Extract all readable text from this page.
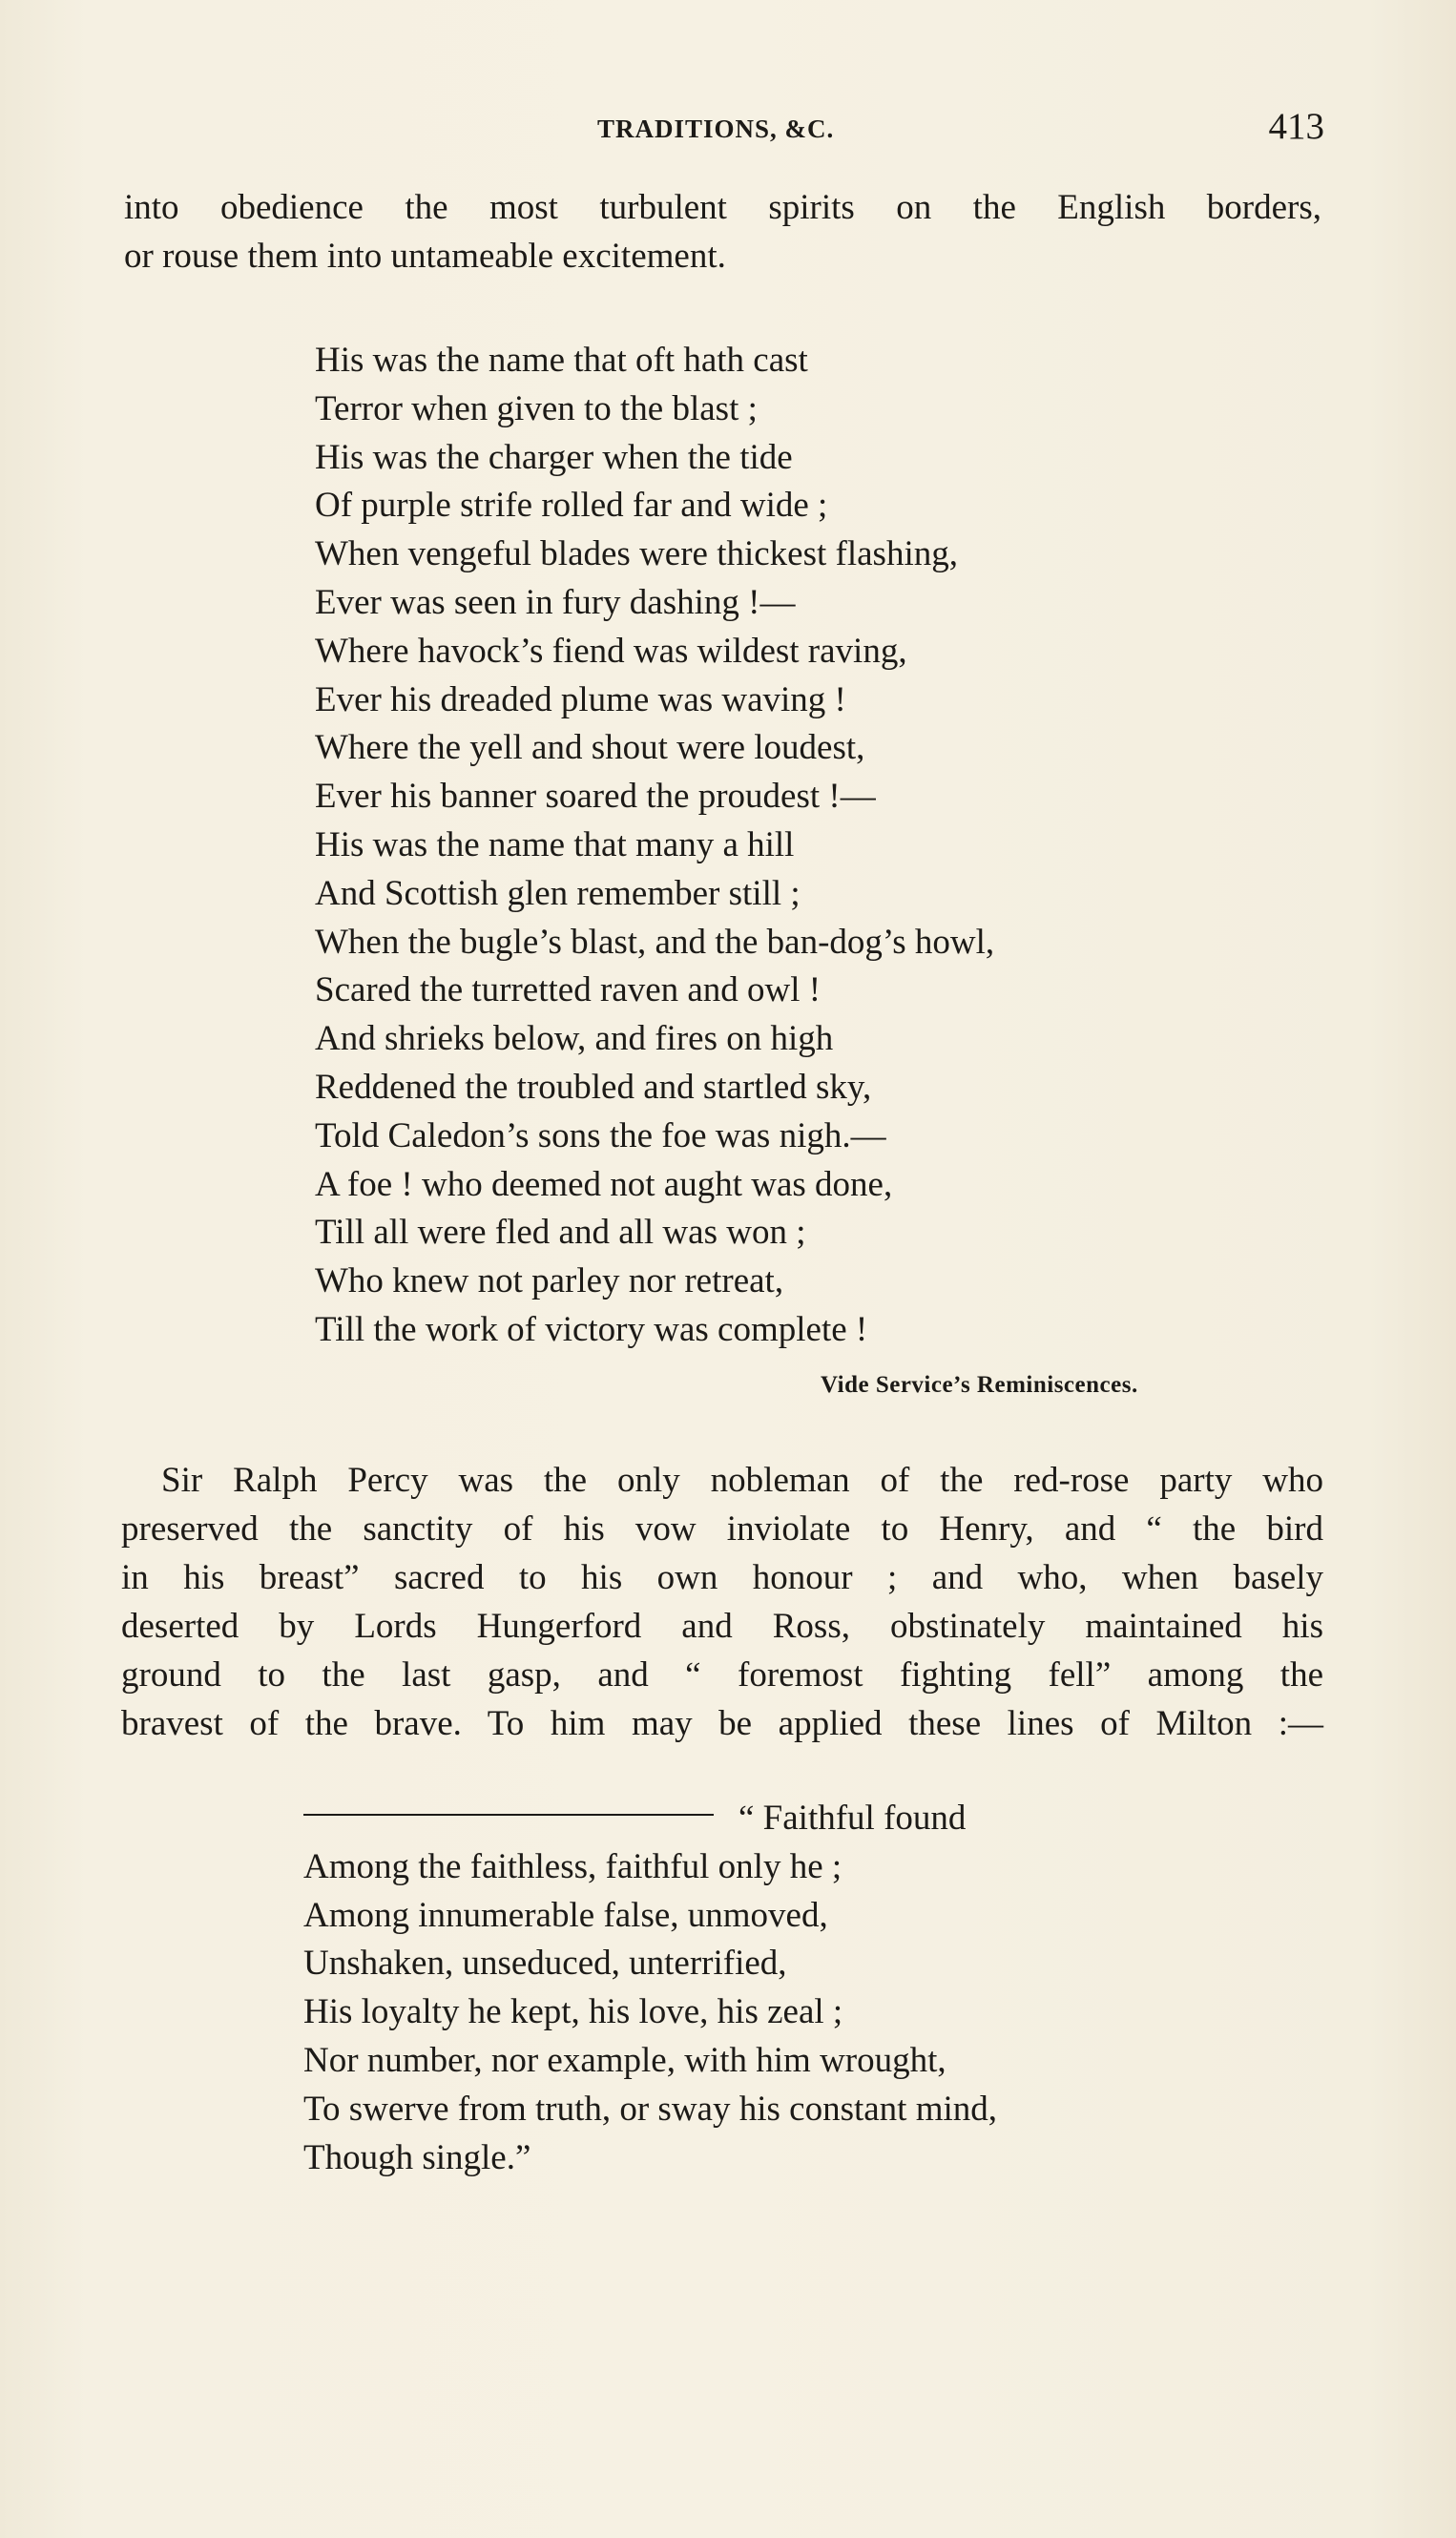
TRADITIONS, &C.	413
into obedience the most turbulent spirits on the English borders,
or rouse them into untameable excitement.
His was the name that oft hath cast
Terror when given to the blast ;
His was the charger when the tide
Of purple strife rolled far and wide ;
When vengeful blades were thickest flashing,
Ever was seen in fury dashing !—
Where havock’s fiend was wildest raving,
Ever his dreaded plume was waving !
Where the yell and shout were loudest,
Ever his banner soared the proudest !—
His was the name that many a hill
And Scottish glen remember still ;
When the bugle’s blast, and the ban-dog’s howl,
Scared the turretted raven and owl !
And shrieks below, and fires on high
Reddened the troubled and startled sky,
Told Caledon’s sons the foe was nigh.—
A foe ! who deemed not aught was done,
Till all were fled and all was won ;
Who knew not parley nor retreat,
Till the work of victory was complete !
Vide Service’s Reminiscences.
Sir Ralph Percy was the only nobleman of the red-rose party who
preserved the sanctity of his vow inviolate to Henry, and “ the bird
in his breast” sacred to his own honour ; and who, when basely
deserted by Lords Hungerford and Ross, obstinately maintained his
ground to the last gasp, and “ foremost fighting fell” among the
bravest of the brave. To him may be applied these lines of Milton :—
“ Faithful found
Among the faithless, faithful only he ;
Among innumerable false, unmoved,
Unshaken, unseduced, unterrified,
His loyalty he kept, his love, his zeal ;
Nor number, nor example, with him wrought,
To swerve from truth, or sway his constant mind,
Though single.”
